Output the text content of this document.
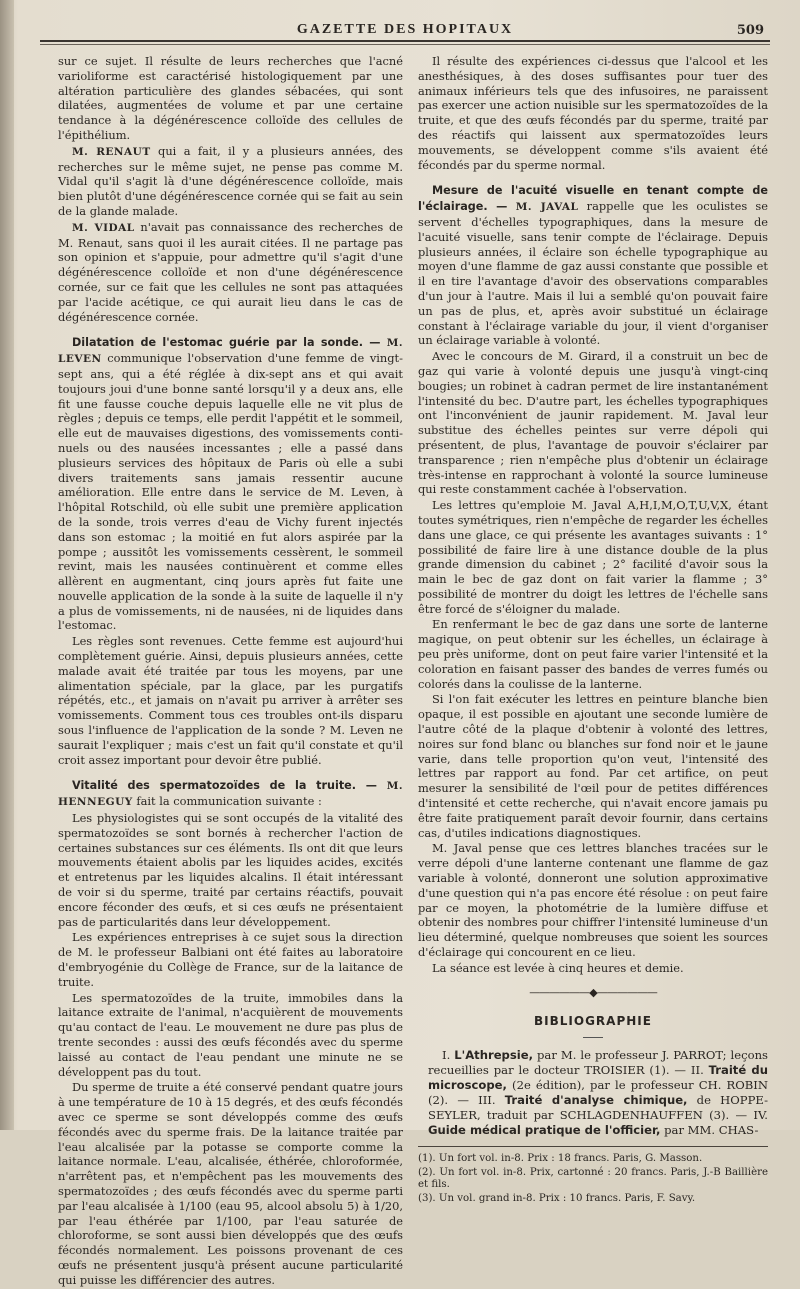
GAZETTE DES HOPITAUX	509

sur ce sujet. Il résulte de leurs recherches que l'acné varioliforme est caractérisé histologiquement par une altération particulière des glandes sébacées, qui sont dilatées, augmentées de volume et par une certaine tendance à la dégénérescence colloïde des cellules de l'épithélium.

M. RENAUT qui a fait, il y a plusieurs années, des recherches sur le même sujet, ne pense pas comme M. Vidal qu'il s'agit là d'une dégénérescence colloïde, mais bien plutôt d'une dégénérescence cornée qui se fait au sein de la glande malade.

M. VIDAL n'avait pas connaissance des recherches de M. Renaut, sans quoi il les aurait citées. Il ne partage pas son opinion et s'appuie, pour admettre qu'il s'agit d'une dégénérescence colloïde et non d'une dégénérescence cornée, sur ce fait que les cellules ne sont pas attaquées par l'acide acétique, ce qui aurait lieu dans le cas de dégénérescence cornée.

Dilatation de l'estomac guérie par la sonde. — M. LEVEN communique l'observation d'une femme de vingt-sept ans, qui a été réglée à dix-sept ans et qui avait toujours joui d'une bonne santé lorsqu'il y a deux ans, elle fit une fausse couche depuis laquelle elle ne vit plus de règles ; depuis ce temps, elle perdit l'appétit et le sommeil, elle eut de mauvaises digestions, des vomissements continuels ou des nausées incessantes ; elle a passé dans plusieurs services des hôpitaux de Paris où elle a subi divers traitements sans jamais ressentir aucune amélioration. Elle entre dans le service de M. Leven, à l'hôpital Rotschild, où elle subit une première application de la sonde, trois verres d'eau de Vichy furent injectés dans son estomac ; la moitié en fut alors aspirée par la pompe ; aussitôt les vomissements cessèrent, le sommeil revint, mais les nausées continuèrent et comme elles allèrent en augmentant, cinq jours après fut faite une nouvelle application de la sonde à la suite de laquelle il n'y a plus de vomissements, ni de nausées, ni de liquides dans l'estomac.

Les règles sont revenues. Cette femme est aujourd'hui complètement guérie. Ainsi, depuis plusieurs années, cette malade avait été traitée par tous les moyens, par une alimentation spéciale, par la glace, par les purgatifs répétés, etc., et jamais on n'avait pu arriver à arrêter ses vomissements. Comment tous ces troubles ont-ils disparu sous l'influence de l'application de la sonde ? M. Leven ne saurait l'expliquer ; mais c'est un fait qu'il constate et qu'il croit assez important pour devoir être publié.

Vitalité des spermatozoïdes de la truite. — M. HENNEGUY fait la communication suivante :

Les physiologistes qui se sont occupés de la vitalité des spermatozoïdes se sont bornés à rechercher l'action de certaines substances sur ces éléments. Ils ont dit que leurs mouvements étaient abolis par les liquides acides, excités et entretenus par les liquides alcalins. Il était intéressant de voir si du sperme, traité par certains réactifs, pouvait encore féconder des œufs, et si ces œufs ne présentaient pas de particularités dans leur développement.

Les expériences entreprises à ce sujet sous la direction de M. le professeur Balbiani ont été faites au laboratoire d'embryogénie du Collège de France, sur de la laitance de truite.

Les spermatozoïdes de la truite, immobiles dans la laitance extraite de l'animal, n'acquièrent de mouvements qu'au contact de l'eau. Le mouvement ne dure pas plus de trente secondes : aussi des œufs fécondés avec du sperme laissé au contact de l'eau pendant une minute ne se développent pas du tout.

Du sperme de truite a été conservé pendant quatre jours à une température de 10 à 15 degrés, et des œufs fécondés avec ce sperme se sont développés comme des œufs fécondés avec du sperme frais. De la laitance traitée par l'eau alcalisée par la potasse se comporte comme la laitance normale. L'eau, alcalisée, éthérée, chloroformée, n'arrêtent pas, et n'empêchent pas les mouvements des spermatozoïdes ; des œufs fécondés avec du sperme parti par l'eau alcalisée à 1/100 (eau 95, alcool absolu 5) à 1/20, par l'eau éthérée par 1/100, par l'eau saturée de chloroforme, se sont aussi bien développés que des œufs fécondés normalement. Les poissons provenant de ces œufs ne présentent jusqu'à présent aucune particularité qui puisse les différencier des autres.

Il résulte des expériences ci-dessus que l'alcool et les anesthésiques, à des doses suffisantes pour tuer des animaux inférieurs tels que des infusoires, ne paraissent pas exercer une action nuisible sur les spermatozoïdes de la truite, et que des œufs fécondés par du sperme, traité par des réactifs qui laissent aux spermatozoïdes leurs mouvements, se développent comme s'ils avaient été fécondés par du sperme normal.

Mesure de l'acuité visuelle en tenant compte de l'éclairage. — M. JAVAL rappelle que les oculistes se servent d'échelles typographiques, dans la mesure de l'acuité visuelle, sans tenir compte de l'éclairage. Depuis plusieurs années, il éclaire son échelle typographique au moyen d'une flamme de gaz aussi constante que possible et il en tire l'avantage d'avoir des observations comparables d'un jour à l'autre. Mais il lui a semblé qu'on pouvait faire un pas de plus, et, après avoir substitué un éclairage constant à l'éclairage variable du jour, il vient d'organiser un éclairage variable à volonté.

Avec le concours de M. Girard, il a construit un bec de gaz qui varie à volonté depuis une jusqu'à vingt-cinq bougies; un robinet à cadran permet de lire instantanément l'intensité du bec. D'autre part, les échelles typographiques ont l'inconvénient de jaunir rapidement. M. Javal leur substitue des échelles peintes sur verre dépoli qui présentent, de plus, l'avantage de pouvoir s'éclairer par transparence ; rien n'empêche plus d'obtenir un éclairage très-intense en rapprochant à volonté la source lumineuse qui reste constamment cachée à l'observation.

Les lettres qu'emploie M. Javal A,H,I,M,O,T,U,V,X, étant toutes symétriques, rien n'empêche de regarder les échelles dans une glace, ce qui présente les avantages suivants : 1° possibilité de faire lire à une distance double de la plus grande dimension du cabinet ; 2° facilité d'avoir sous la main le bec de gaz dont on fait varier la flamme ; 3° possibilité de montrer du doigt les lettres de l'échelle sans être forcé de s'éloigner du malade.

En renfermant le bec de gaz dans une sorte de lanterne magique, on peut obtenir sur les échelles, un éclairage à peu près uniforme, dont on peut faire varier l'intensité et la coloration en faisant passer des bandes de verres fumés ou colorés dans la coulisse de la lanterne.

Si l'on fait exécuter les lettres en peinture blanche bien opaque, il est possible en ajoutant une seconde lumière de l'autre côté de la plaque d'obtenir à volonté des lettres, noires sur fond blanc ou blanches sur fond noir et le jaune varie, dans telle proportion qu'on veut, l'intensité des lettres par rapport au fond. Par cet artifice, on peut mesurer la sensibilité de l'œil pour de petites différences d'intensité et cette recherche, qui n'avait encore jamais pu être faite pratiquement paraît devoir fournir, dans certains cas, d'utiles indications diagnostiques.

M. Javal pense que ces lettres blanches tracées sur le verre dépoli d'une lanterne contenant une flamme de gaz variable à volonté, donneront une solution approximative d'une question qui n'a pas encore été résolue : on peut faire par ce moyen, la photométrie de la lumière diffuse et obtenir des nombres pour chiffrer l'intensité lumineuse d'un lieu déterminé, quelque nombreuses que soient les sources d'éclairage qui concourent en ce lieu.

La séance est levée à cinq heures et demie.

——————◆——————
BIBLIOGRAPHIE

I. L'Athrepsie, par M. le professeur J. PARROT; leçons recueillies par le docteur TROISIER (1). — II. Traité du microscope, (2e édition), par le professeur CH. ROBIN (2). — III. Traité d'analyse chimique, de HOPPE-SEYLER, traduit par SCHLAGDENHAUFFEN (3). — IV. Guide médical pratique de l'officier, par MM. CHAS-

(1). Un fort vol. in-8. Prix : 18 francs. Paris, G. Masson.

(2). Un fort vol. in-8. Prix, cartonné : 20 francs. Paris, J.-B Baillière et fils.

(3). Un vol. grand in-8. Prix : 10 francs. Paris, F. Savy.
